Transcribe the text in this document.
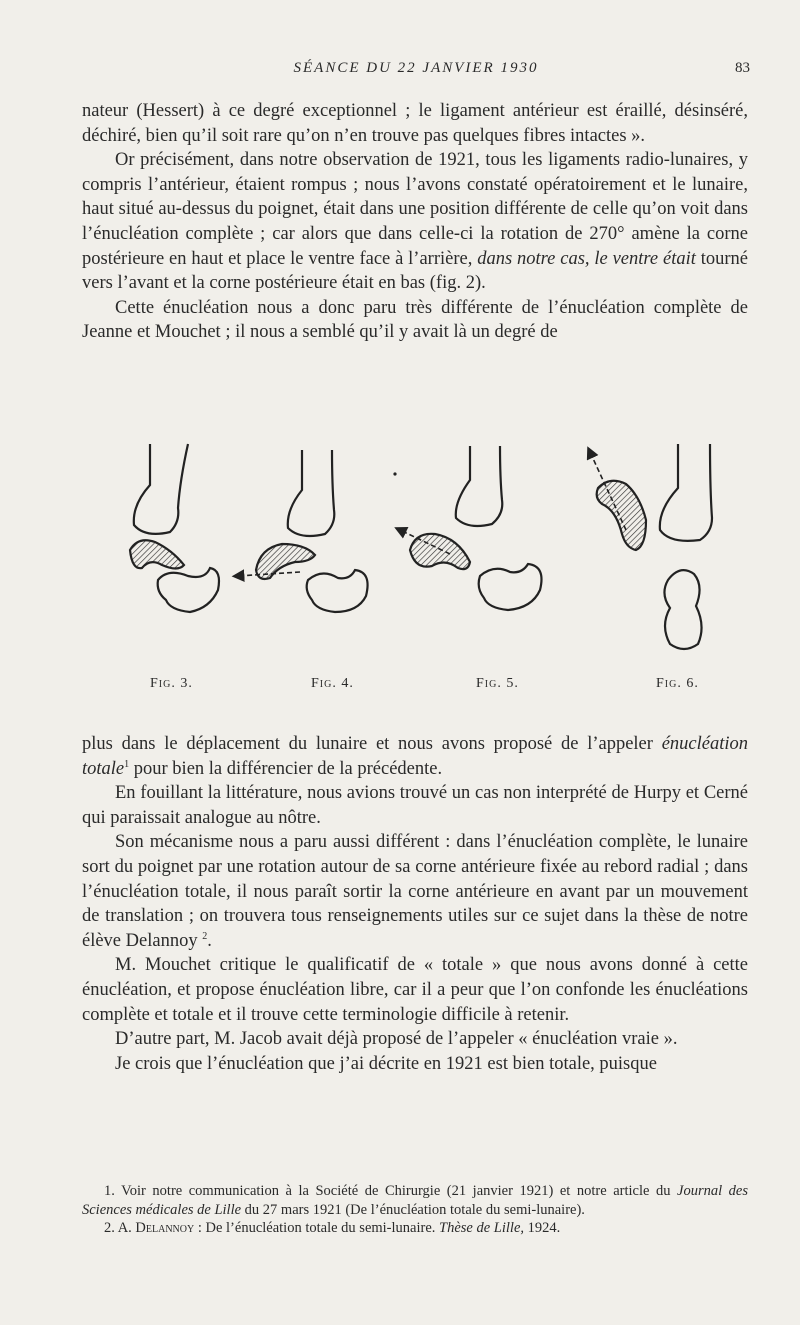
SÉANCE DU 22 JANVIER 1930	83

nateur (Hessert) à ce degré exceptionnel ; le ligament antérieur est éraillé, désinséré, déchiré, bien qu’il soit rare qu’on n’en trouve pas quelques fibres intactes ».

Or précisément, dans notre observation de 1921, tous les ligaments radio-lunaires, y compris l’antérieur, étaient rompus ; nous l’avons constaté opératoirement et le lunaire, haut situé au-dessus du poignet, était dans une position différente de celle qu’on voit dans l’énucléation complète ; car alors que dans celle-ci la rotation de 270° amène la corne postérieure en haut et place le ventre face à l’arrière, dans notre cas, le ventre était tourné vers l’avant et la corne postérieure était en bas (fig. 2).

Cette énucléation nous a donc paru très différente de l’énucléation complète de Jeanne et Mouchet ; il nous a semblé qu’il y avait là un degré de

Fig. 3.	Fig. 4.	Fig. 5.	Fig. 6.

plus dans le déplacement du lunaire et nous avons proposé de l’appeler énucléation totale$^1$ pour bien la différencier de la précédente.

En fouillant la littérature, nous avions trouvé un cas non interprété de Hurpy et Cerné qui paraissait analogue au nôtre.

Son mécanisme nous a paru aussi différent : dans l’énucléation complète, le lunaire sort du poignet par une rotation autour de sa corne antérieure fixée au rebord radial ; dans l’énucléation totale, il nous paraît sortir la corne antérieure en avant par un mouvement de translation ; on trouvera tous renseignements utiles sur ce sujet dans la thèse de notre élève Delannoy $^2$.

M. Mouchet critique le qualificatif de « totale » que nous avons donné à cette énucléation, et propose énucléation libre, car il a peur que l’on confonde les énucléations complète et totale et il trouve cette terminologie difficile à retenir.

D’autre part, M. Jacob avait déjà proposé de l’appeler « énucléation vraie ».

Je crois que l’énucléation que j’ai décrite en 1921 est bien totale, puisque

1. Voir notre communication à la Société de Chirurgie (21 janvier 1921) et notre article du Journal des Sciences médicales de Lille du 27 mars 1921 (De l’énucléation totale du semi-lunaire).

2. A. Delannoy : De l’énucléation totale du semi-lunaire. Thèse de Lille, 1924.
